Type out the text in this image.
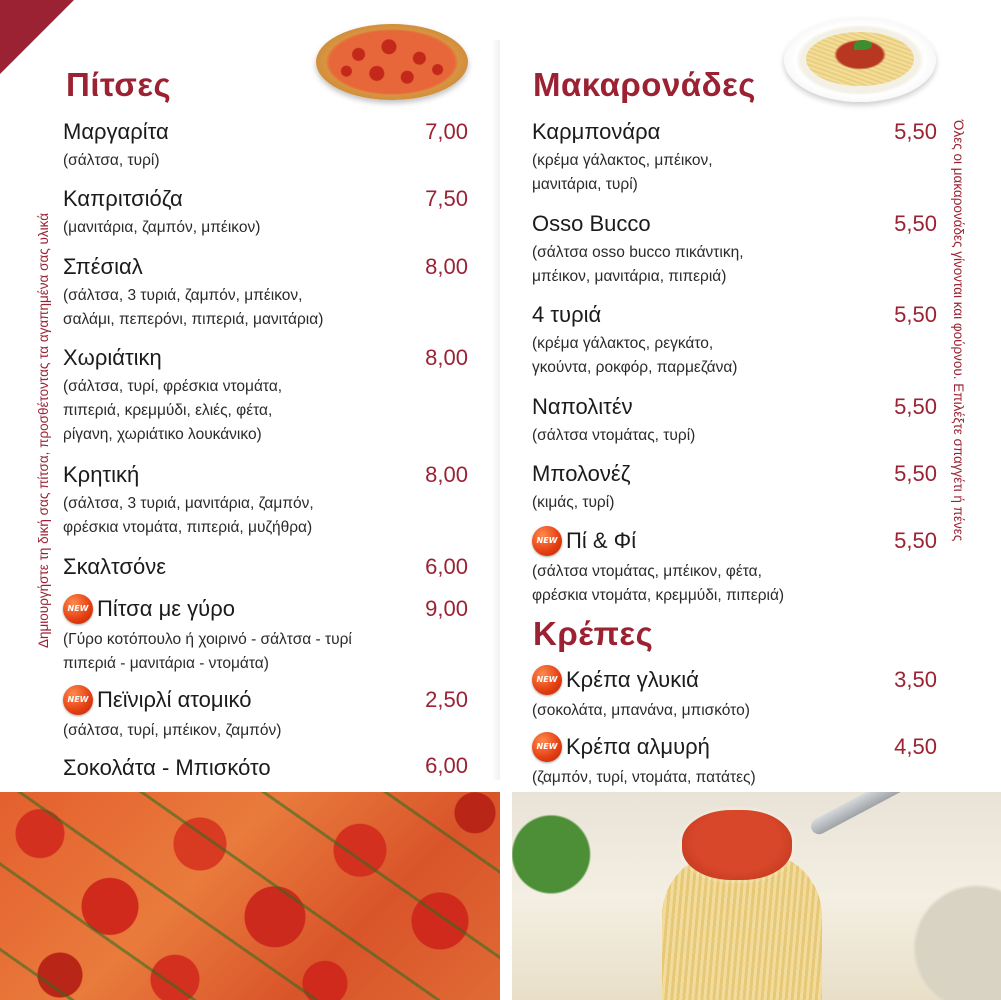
Πίτσες
Μαργαρίτα
(σάλτσα, τυρί)
7,00
Καπριτσιόζα
(μανιτάρια, ζαμπόν, μπέικον)
7,50
Σπέσιαλ
(σάλτσα, 3 τυριά, ζαμπόν, μπέικον,
σαλάμι, πεπερόνι, πιπεριά, μανιτάρια)
8,00
Χωριάτικη
(σάλτσα, τυρί, φρέσκια ντομάτα,
πιπεριά, κρεμμύδι, ελιές, φέτα,
ρίγανη, χωριάτικο λουκάνικο)
8,00
Κρητική
(σάλτσα, 3 τυριά, μανιτάρια, ζαμπόν,
φρέσκια ντομάτα, πιπεριά, μυζήθρα)
8,00
Σκαλτσόνε	6,00
NEW Πίτσα με γύρο
(Γύρο κοτόπουλο ή χοιρινό - σάλτσα - τυρί
πιπεριά - μανιτάρια - ντομάτα)
9,00
NEW Πεϊνιρλί ατομικό
(σάλτσα, τυρί, μπέικον, ζαμπόν)
2,50
Σοκολάτα - Μπισκότο	6,00
Δημιουργήστε τη δική σας πίτσα, προσθέτοντας τα αγαπημένα σας υλικά
Μακαρονάδες
Καρμπονάρα
(κρέμα γάλακτος, μπέικον,
μανιτάρια, τυρί)
5,50
Osso Bucco
(σάλτσα osso bucco πικάντικη,
μπέικον, μανιτάρια, πιπεριά)
5,50
4 τυριά
(κρέμα γάλακτος, ρεγκάτο,
γκούντα, ροκφόρ, παρμεζάνα)
5,50
Ναπολιτέν
(σάλτσα ντομάτας, τυρί)
5,50
Μπολονέζ
(κιμάς, τυρί)
5,50
NEW Πί & Φί
(σάλτσα ντομάτας, μπέικον, φέτα,
φρέσκια ντομάτα, κρεμμύδι, πιπεριά)
5,50
Κρέπες
NEW Κρέπα γλυκιά
(σοκολάτα, μπανάνα, μπισκότο)
3,50
NEW Κρέπα αλμυρή
(ζαμπόν, τυρί, ντομάτα, πατάτες)
4,50
Όλες οι μακαρονάδες γίνονται και φούρνου. Επιλέξτε σπαγγέτι ή πένες
